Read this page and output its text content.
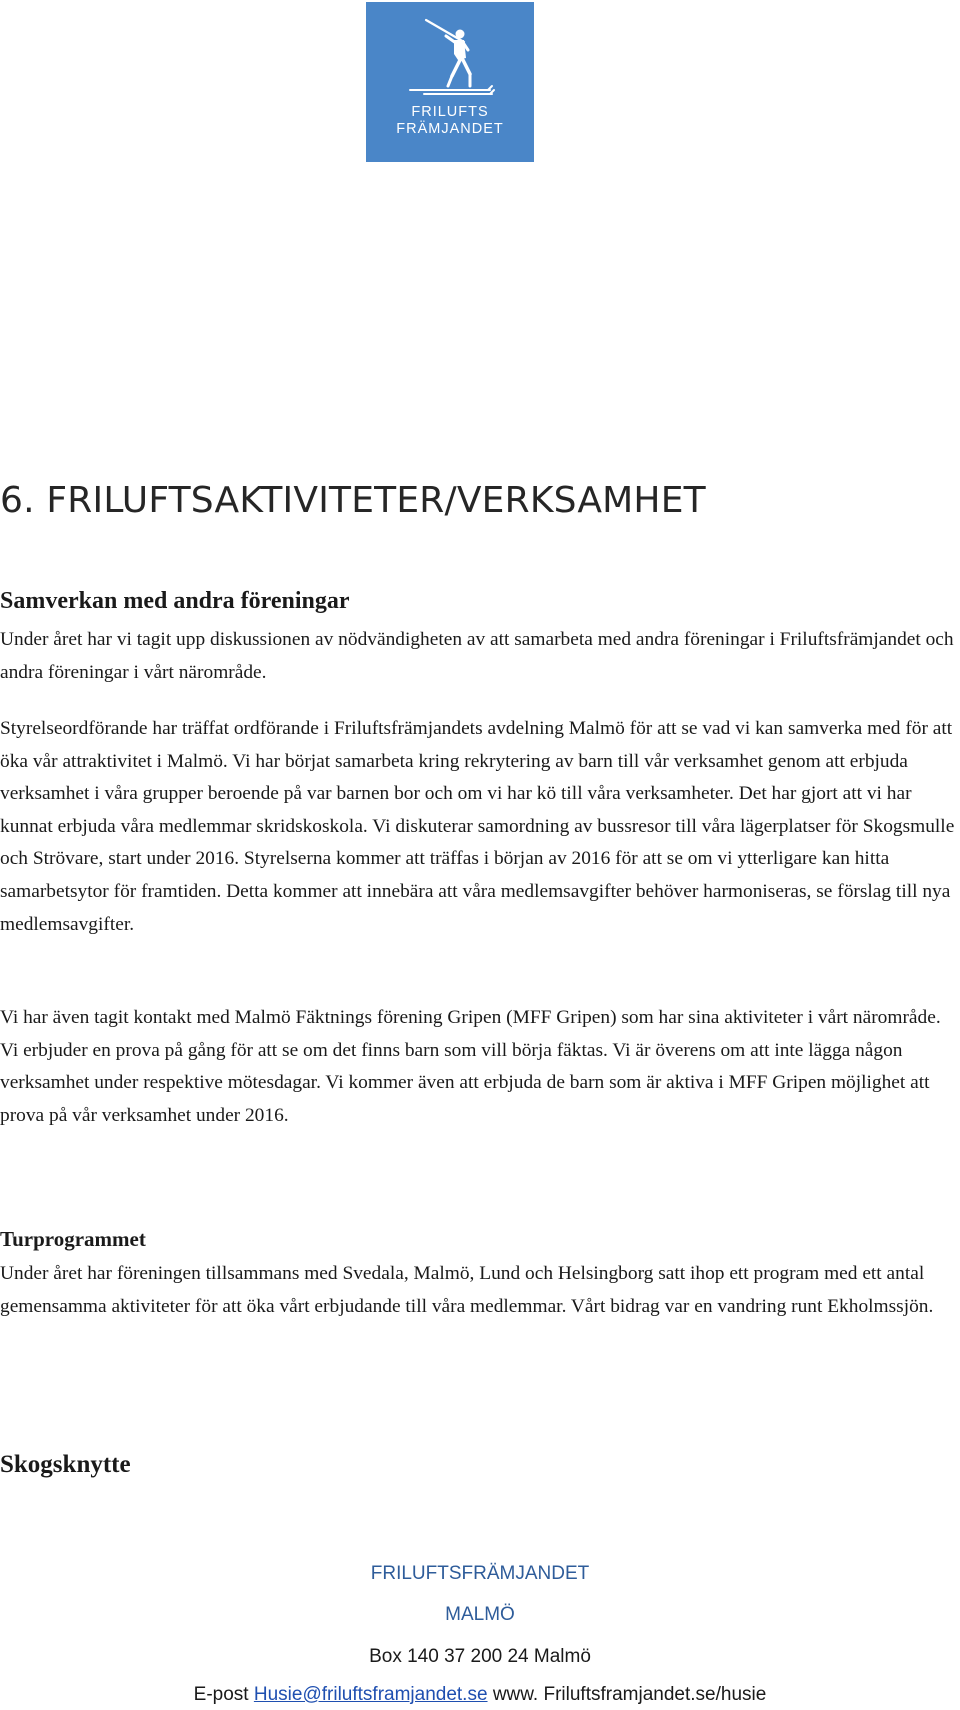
FRILUFTS
FRÄMJANDET
6. FRILUFTSAKTIVITETER/VERKSAMHET
Samverkan med andra föreningar

Under året har vi tagit upp diskussionen av nödvändigheten av att samarbeta med andra föreningar i Friluftsfrämjandet och andra föreningar i vårt närområde.

Styrelseordförande har träffat ordförande i Friluftsfrämjandets avdelning Malmö för att se vad vi kan samverka med för att öka vår attraktivitet i Malmö. Vi har börjat samarbeta kring rekrytering av barn till vår verksamhet genom att erbjuda verksamhet i våra grupper beroende på var barnen bor och om vi har kö till våra verksamheter. Det har gjort att vi har kunnat erbjuda våra medlemmar skridskoskola. Vi diskuterar samordning av bussresor till våra lägerplatser för Skogsmulle och Strövare, start under 2016. Styrelserna kommer att träffas i början av 2016 för att se om vi ytterligare kan hitta samarbetsytor för framtiden. Detta kommer att innebära att våra medlemsavgifter behöver harmoniseras, se förslag till nya medlemsavgifter.

Vi har även tagit kontakt med Malmö Fäktnings förening Gripen (MFF Gripen) som har sina aktiviteter i vårt närområde. Vi erbjuder en prova på gång för att se om det finns barn som vill börja fäktas. Vi är överens om att inte lägga någon verksamhet under respektive mötesdagar. Vi kommer även att erbjuda de barn som är aktiva i MFF Gripen möjlighet att prova på vår verksamhet under 2016.

Turprogrammet

Under året har föreningen tillsammans med Svedala, Malmö, Lund och Helsingborg satt ihop ett program med ett antal gemensamma aktiviteter för att öka vårt erbjudande till våra medlemmar. Vårt bidrag var en vandring runt Ekholmssjön.

Skogsknytte
FRILUFTSFRÄMJANDET
MALMÖ
Box 140 37 200 24 Malmö
E-post Husie@friluftsframjandet.se www. Friluftsframjandet.se/husie
